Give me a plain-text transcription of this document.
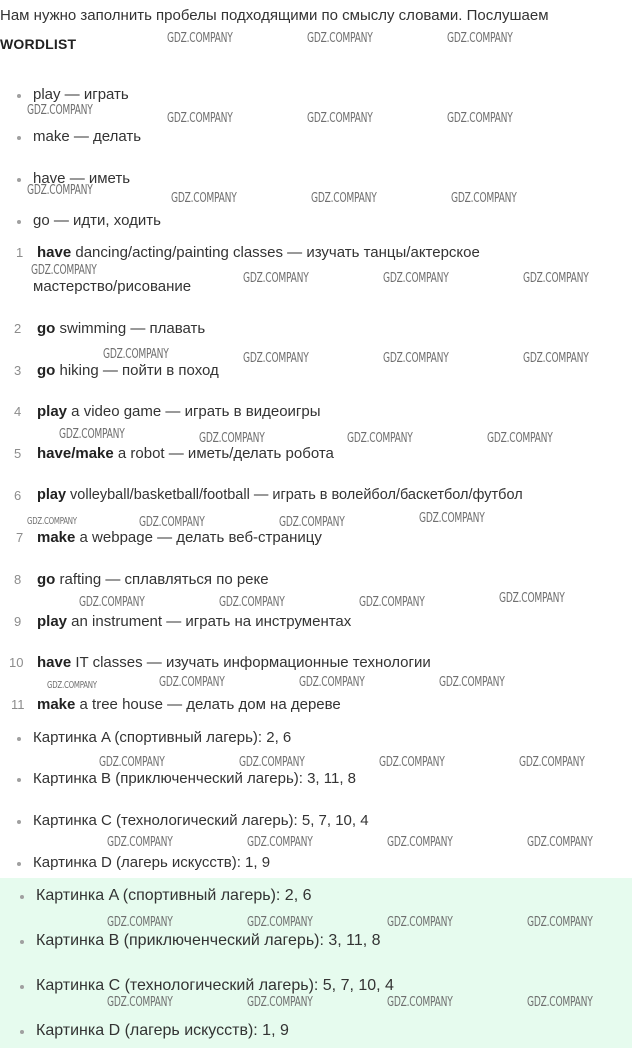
Нам нужно заполнить пробелы подходящими по смыслу словами. Послушаем
WORDLIST
play — играть
make — делать
have — иметь
go — идти, ходить
1 have dancing/acting/painting classes — изучать танцы/актерское
мастерство/рисование
2 go swimming — плавать
3 go hiking — пойти в поход
4 play a video game — играть в видеоигры
5 have/make a robot — иметь/делать робота
6 play volleyball/basketball/football — играть в волейбол/баскетбол/футбол
7 make a webpage — делать веб-страницу
8 go rafting — сплавляться по реке
9 play an instrument — играть на инструментах
10 have IT classes — изучать информационные технологии
11 make a tree house — делать дом на дереве
Картинка A (спортивный лагерь): 2, 6
Картинка B (приключенческий лагерь): 3, 11, 8
Картинка C (технологический лагерь): 5, 7, 10, 4
Картинка D (лагерь искусств): 1, 9
Картинка A (спортивный лагерь): 2, 6
Картинка B (приключенческий лагерь): 3, 11, 8
Картинка C (технологический лагерь): 5, 7, 10, 4
Картинка D (лагерь искусств): 1, 9
GDZ.COMPANY	GDZ.COMPANY	GDZ.COMPANY
GDZ.COMPANY
GDZ.COMPANY	GDZ.COMPANY	GDZ.COMPANY
GDZ.COMPANY
GDZ.COMPANY	GDZ.COMPANY	GDZ.COMPANY
GDZ.COMPANY
GDZ.COMPANY	GDZ.COMPANY	GDZ.COMPANY
GDZ.COMPANY	GDZ.COMPANY	GDZ.COMPANY	GDZ.COMPANY
GDZ.COMPANY	GDZ.COMPANY	GDZ.COMPANY	GDZ.COMPANY
GDZ.COMPANY	GDZ.COMPANY	GDZ.COMPANY	GDZ.COMPANY
GDZ.COMPANY	GDZ.COMPANY	GDZ.COMPANY	GDZ.COMPANY
GDZ.COMPANY	GDZ.COMPANY	GDZ.COMPANY	GDZ.COMPANY
GDZ.COMPANY	GDZ.COMPANY	GDZ.COMPANY	GDZ.COMPANY
GDZ.COMPANY	GDZ.COMPANY	GDZ.COMPANY	GDZ.COMPANY
GDZ.COMPANY	GDZ.COMPANY	GDZ.COMPANY	GDZ.COMPANY
GDZ.COMPANY	GDZ.COMPANY	GDZ.COMPANY	GDZ.COMPANY
